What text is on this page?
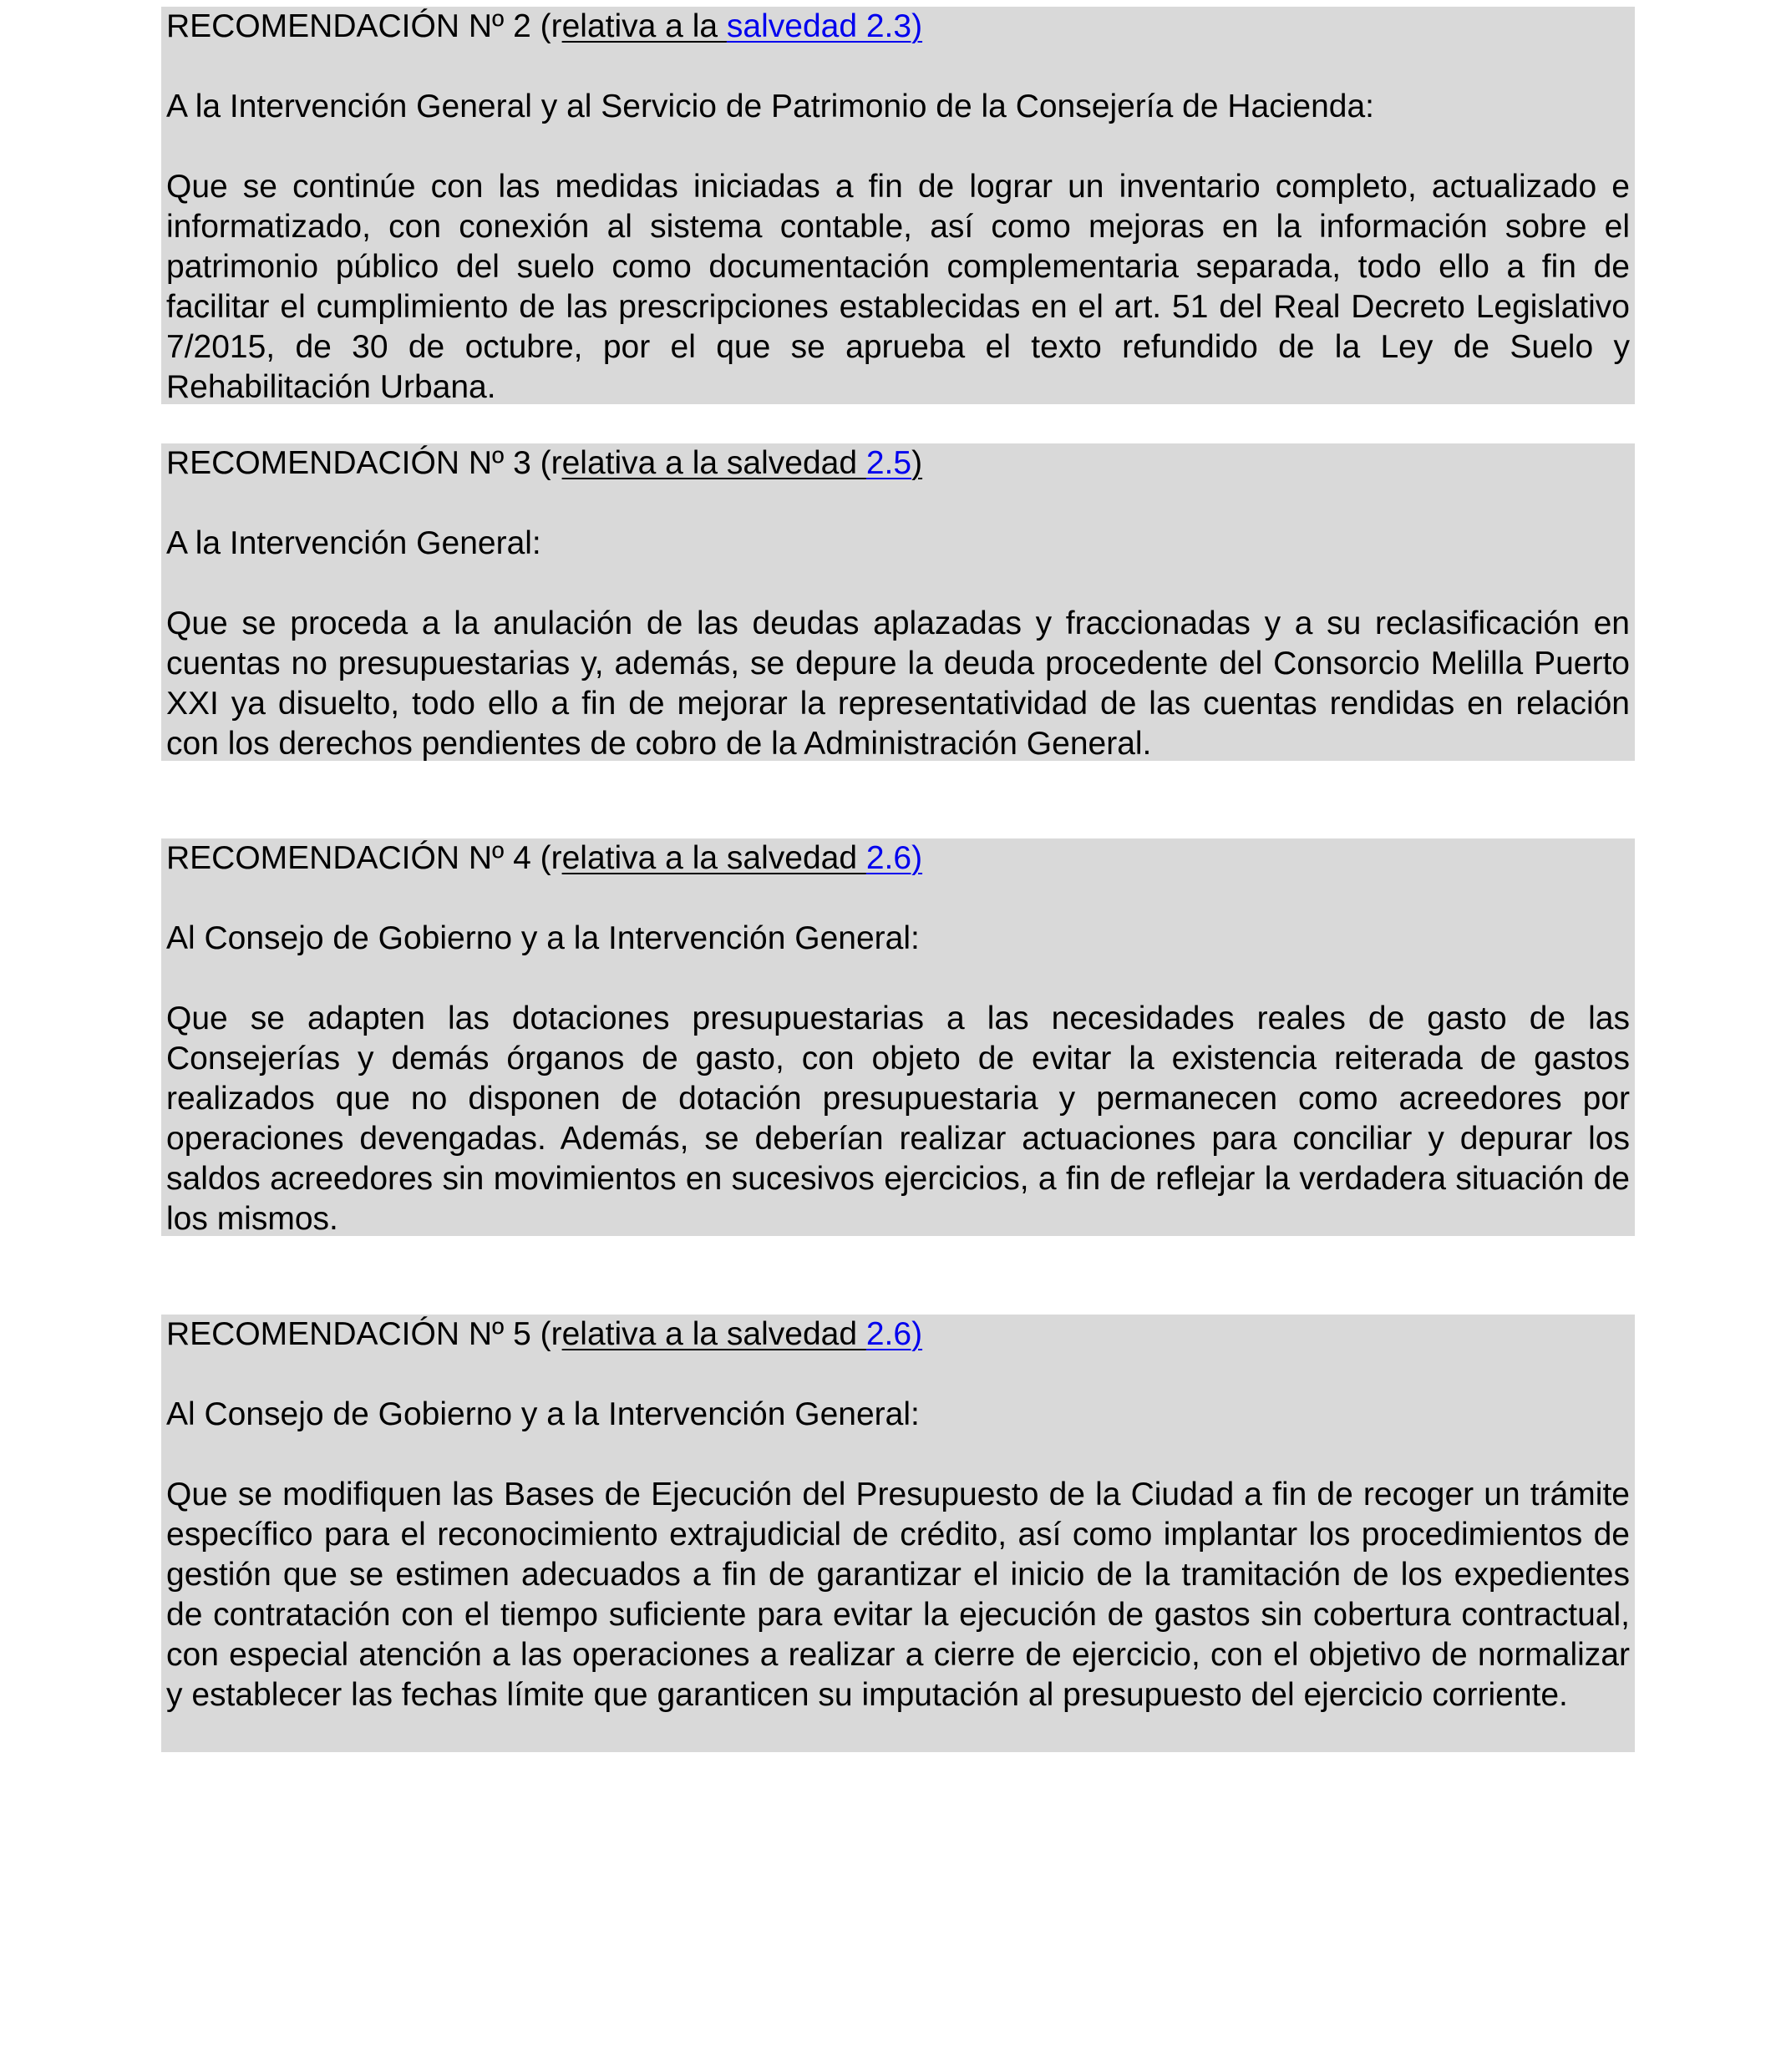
RECOMENDACIÓN Nº 2 (relativa a la salvedad 2.3)

A la Intervención General y al Servicio de Patrimonio de la Consejería de Hacienda:

Que se continúe con las medidas iniciadas a fin de lograr un inventario completo, actualizado e informatizado, con conexión al sistema contable, así como mejoras en la información sobre el patrimonio público del suelo como documentación complementaria separada, todo ello a fin de facilitar el cumplimiento de las prescripciones establecidas en el art. 51 del Real Decreto Legislativo 7/2015, de 30 de octubre, por el que se aprueba el texto refundido de la Ley de Suelo y Rehabilitación Urbana.

RECOMENDACIÓN Nº 3 (relativa a la salvedad 2.5)

A la Intervención General:

Que se proceda a la anulación de las deudas aplazadas y fraccionadas y a su reclasificación en cuentas no presupuestarias y, además, se depure la deuda procedente del Consorcio Melilla Puerto XXI ya disuelto, todo ello a fin de mejorar la representatividad de las cuentas rendidas en relación con los derechos pendientes de cobro de la Administración General.

RECOMENDACIÓN Nº 4 (relativa a la salvedad 2.6)

Al Consejo de Gobierno y a la Intervención General:

Que se adapten las dotaciones presupuestarias a las necesidades reales de gasto de las Consejerías y demás órganos de gasto, con objeto de evitar la existencia reiterada de gastos realizados que no disponen de dotación presupuestaria y permanecen como acreedores por operaciones devengadas. Además, se deberían realizar actuaciones para conciliar y depurar los saldos acreedores sin movimientos en sucesivos ejercicios, a fin de reflejar la verdadera situación de los mismos.

RECOMENDACIÓN Nº 5 (relativa a la salvedad 2.6)

Al Consejo de Gobierno y a la Intervención General:

Que se modifiquen las Bases de Ejecución del Presupuesto de la Ciudad a fin de recoger un trámite específico para el reconocimiento extrajudicial de crédito, así como implantar los procedimientos de gestión que se estimen adecuados a fin de garantizar el inicio de la tramitación de los expedientes de contratación con el tiempo suficiente para evitar la ejecución de gastos sin cobertura contractual, con especial atención a las operaciones a realizar a cierre de ejercicio, con el objetivo de normalizar y establecer las fechas límite que garanticen su imputación al presupuesto del ejercicio corriente.
